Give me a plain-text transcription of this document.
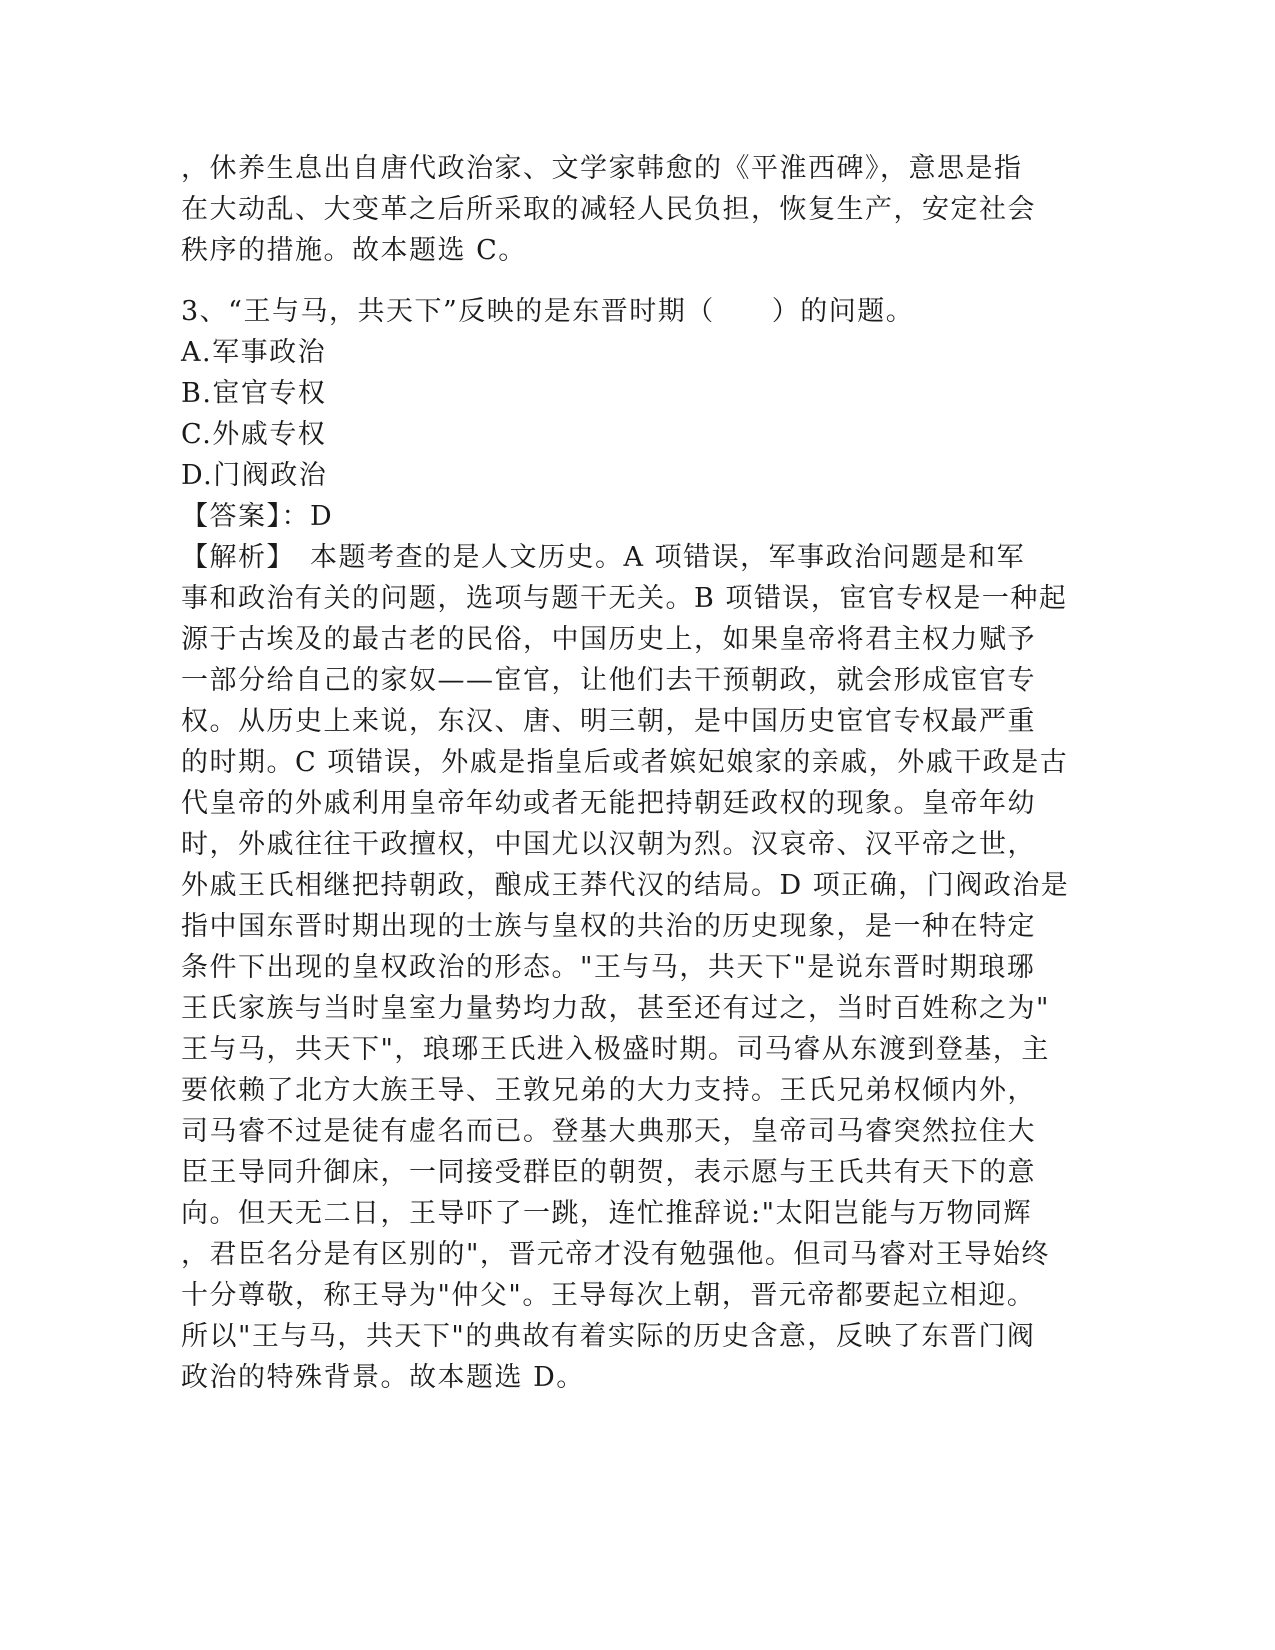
，休养生息出自唐代政治家、文学家韩愈的《平淮西碑》，意思是指
在大动乱、大变革之后所采取的减轻人民负担，恢复生产，安定社会
秩序的措施。故本题选 C。
3、“王与马，共天下”反映的是东晋时期（　　）的问题。
A.军事政治
B.宦官专权
C.外戚专权
D.门阀政治
【答案】：D
【解析】　本题考查的是人文历史。A 项错误，军事政治问题是和军
事和政治有关的问题，选项与题干无关。B 项错误，宦官专权是一种起
源于古埃及的最古老的民俗，中国历史上，如果皇帝将君主权力赋予
一部分给自己的家奴——宦官，让他们去干预朝政，就会形成宦官专
权。从历史上来说，东汉、唐、明三朝，是中国历史宦官专权最严重
的时期。C 项错误，外戚是指皇后或者嫔妃娘家的亲戚，外戚干政是古
代皇帝的外戚利用皇帝年幼或者无能把持朝廷政权的现象。皇帝年幼
时，外戚往往干政擅权，中国尤以汉朝为烈。汉哀帝、汉平帝之世，
外戚王氏相继把持朝政，酿成王莽代汉的结局。D 项正确，门阀政治是
指中国东晋时期出现的士族与皇权的共治的历史现象，是一种在特定
条件下出现的皇权政治的形态。"王与马，共天下"是说东晋时期琅琊
王氏家族与当时皇室力量势均力敌，甚至还有过之，当时百姓称之为"
王与马，共天下"，琅琊王氏进入极盛时期。司马睿从东渡到登基，主
要依赖了北方大族王导、王敦兄弟的大力支持。王氏兄弟权倾内外，
司马睿不过是徒有虚名而已。登基大典那天，皇帝司马睿突然拉住大
臣王导同升御床，一同接受群臣的朝贺，表示愿与王氏共有天下的意
向。但天无二日，王导吓了一跳，连忙推辞说:"太阳岂能与万物同辉
，君臣名分是有区别的"，晋元帝才没有勉强他。但司马睿对王导始终
十分尊敬，称王导为"仲父"。王导每次上朝，晋元帝都要起立相迎。
所以"王与马，共天下"的典故有着实际的历史含意，反映了东晋门阀
政治的特殊背景。故本题选 D。
